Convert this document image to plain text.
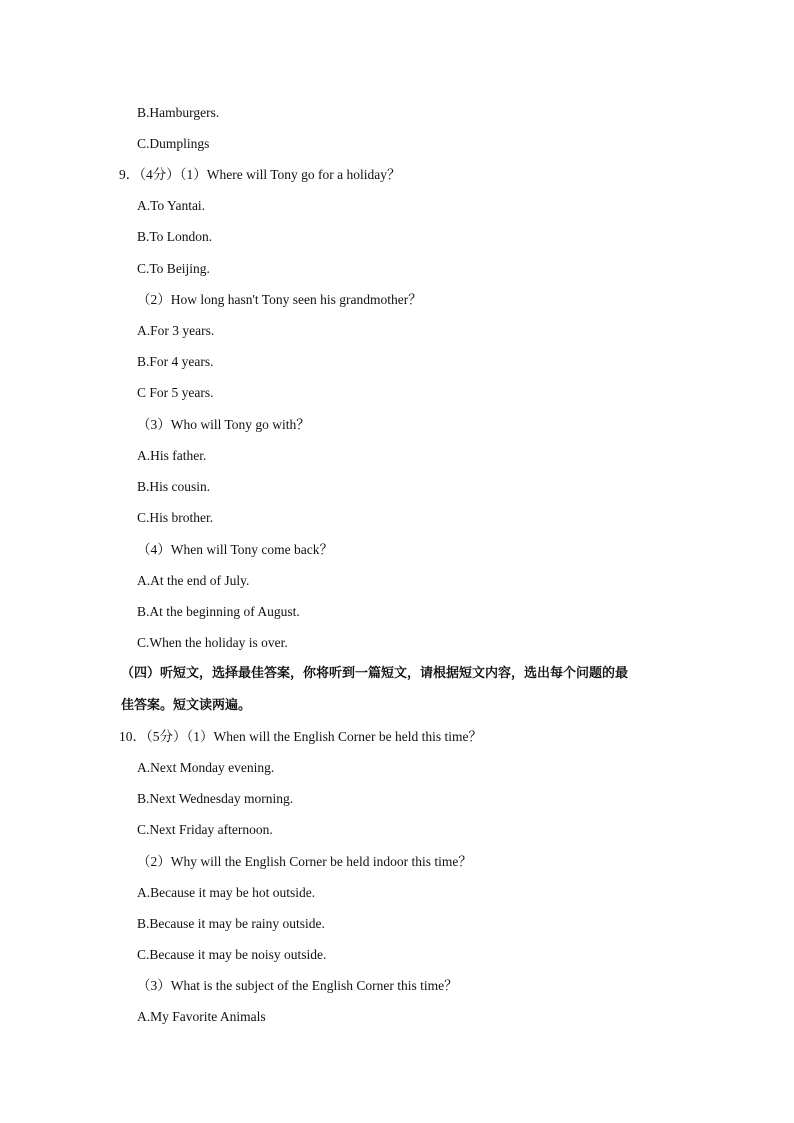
B.Hamburgers.
C.Dumplings
9．（4分）（1）Where will Tony go for a holiday？
A.To Yantai.
B.To London.
C.To Beijing.
（2）How long hasn't Tony seen his grandmother？
A.For 3 years.
B.For 4 years.
C For 5 years.
（3）Who will Tony go with？
A.His father.
B.His cousin.
C.His brother.
（4）When will Tony come back？
A.At the end of July.
B.At the beginning of August.
C.When the holiday is over.
（四）听短文，选择最佳答案，你将听到一篇短文，请根据短文内容，选出每个问题的最
佳答案。短文读两遍。
10．（5分）（1）When will the English Corner be held this time？
A.Next Monday evening.
B.Next Wednesday morning.
C.Next Friday afternoon.
（2）Why will the English Corner be held indoor this time？
A.Because it may be hot outside.
B.Because it may be rainy outside.
C.Because it may be noisy outside.
（3）What is the subject of the English Corner this time？
A.My Favorite Animals
